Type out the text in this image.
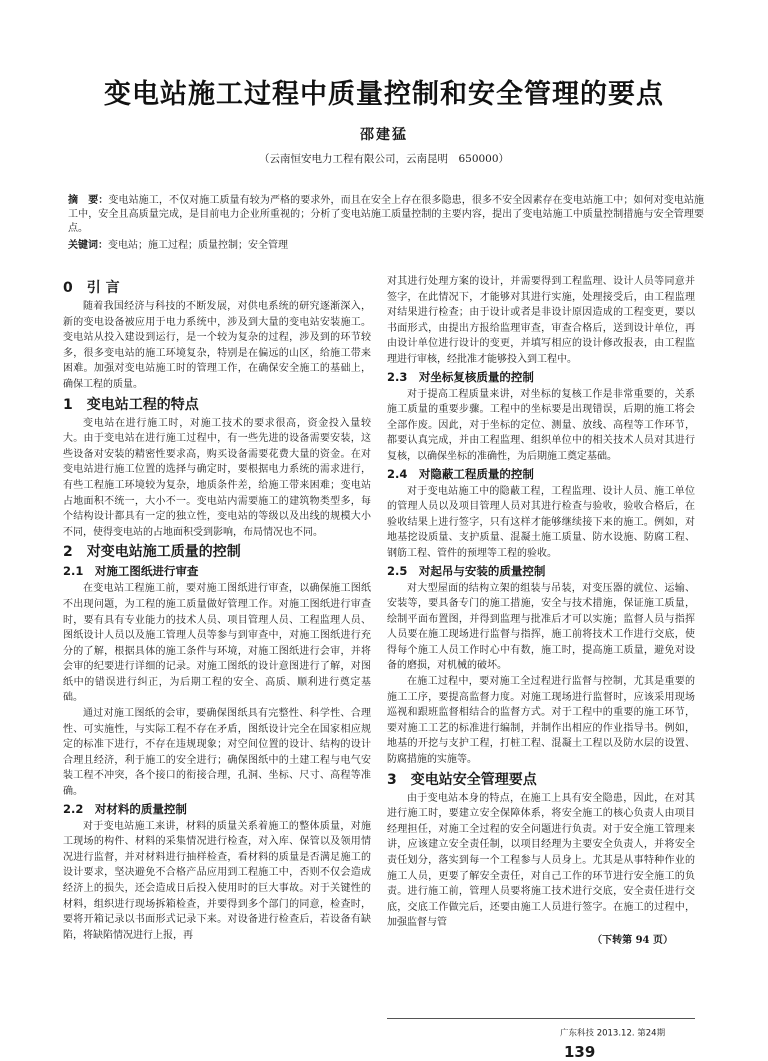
变电站施工过程中质量控制和安全管理的要点
邵建猛
（云南恒安电力工程有限公司，云南昆明　650000）
摘　要：变电站施工，不仅对施工质量有较为严格的要求外，而且在安全上存在很多隐患，很多不安全因素存在变电站施工中；如何对变电站施工中，安全且高质量完成，是目前电力企业所重视的；分析了变电站施工质量控制的主要内容，提出了变电站施工中质量控制措施与安全管理要点。
关键词：变电站；施工过程；质量控制；安全管理
0　引 言

随着我国经济与科技的不断发展，对供电系统的研究逐渐深入，新的变电设备被应用于电力系统中，涉及到大量的变电站安装施工。变电站从投入建设到运行，是一个较为复杂的过程，涉及到的环节较多，很多变电站的施工环境复杂，特别是在偏远的山区，给施工带来困难。加强对变电站施工时的管理工作，在确保安全施工的基础上，确保工程的质量。

1　变电站工程的特点

变电站在进行施工时，对施工技术的要求很高，资金投入量较大。由于变电站在进行施工过程中，有一些先进的设备需要安装，这些设备对安装的精密性要求高，购买设备需要花费大量的资金。在对变电站进行施工位置的选择与确定时，要根据电力系统的需求进行，有些工程施工环境较为复杂，地质条件差，给施工带来困难；变电站占地面积不统一，大小不一。变电站内需要施工的建筑物类型多，每个结构设计都具有一定的独立性，变电站的等级以及出线的规模大小不同，使得变电站的占地面积受到影响，布局情况也不同。

2　对变电站施工质量的控制
2.1　对施工图纸进行审查

在变电站工程施工前，要对施工图纸进行审查，以确保施工图纸不出现问题，为工程的施工质量做好管理工作。对施工图纸进行审查时，要有具有专业能力的技术人员、项目管理人员、工程监理人员、图纸设计人员以及施工管理人员等参与到审查中，对施工图纸进行充分的了解，根据具体的施工条件与环境，对施工图纸进行会审，并将会审的纪要进行详细的记录。对施工图纸的设计意图进行了解，对图纸中的错误进行纠正，为后期工程的安全、高质、顺利进行奠定基础。

通过对施工图纸的会审，要确保图纸具有完整性、科学性、合理性、可实施性，与实际工程不存在矛盾，图纸设计完全在国家相应规定的标准下进行，不存在违规现象；对空间位置的设计、结构的设计合理且经济，利于施工的安全进行；确保图纸中的土建工程与电气安装工程不冲突，各个接口的衔接合理，孔洞、坐标、尺寸、高程等准确。

2.2　对材料的质量控制

对于变电站施工来讲，材料的质量关系着施工的整体质量，对施工现场的构件、材料的采集情况进行检查，对入库、保管以及领用情况进行监督，并对材料进行抽样检查，看材料的质量是否满足施工的设计要求，坚决避免不合格产品应用到工程施工中，否则不仅会造成经济上的损失，还会造成日后投入使用时的巨大事故。对于关键性的材料，组织进行现场拆箱检查，并要得到多个部门的同意，检查时，要将开箱记录以书面形式记录下来。对设备进行检查后，若设备有缺陷，将缺陷情况进行上报，再

对其进行处理方案的设计，并需要得到工程监理、设计人员等同意并签字，在此情况下，才能够对其进行实施，处理接受后，由工程监理对结果进行检查；由于设计或者是非设计原因造成的工程变更，要以书面形式，由提出方报给监理审查，审查合格后，送到设计单位，再由设计单位进行设计的变更，并填写相应的设计修改报表，由工程监理进行审核，经批准才能够投入到工程中。

2.3　对坐标复核质量的控制

对于提高工程质量来讲，对坐标的复核工作是非常重要的，关系施工质量的重要步骤。工程中的坐标要是出现错误，后期的施工将会全部作废。因此，对于坐标的定位、测量、放线、高程等工作环节，都要认真完成，并由工程监理、组织单位中的相关技术人员对其进行复核，以确保坐标的准确性，为后期施工奠定基础。

2.4　对隐蔽工程质量的控制

对于变电站施工中的隐蔽工程，工程监理、设计人员、施工单位的管理人员以及项目管理人员对其进行检查与验收，验收合格后，在验收结果上进行签字，只有这样才能够继续接下来的施工。例如，对地基挖设质量、支护质量、混凝土施工质量、防水设施、防腐工程、钢筋工程、管件的预埋等工程的验收。

2.5　对起吊与安装的质量控制

对大型屋面的结构立架的组装与吊装，对变压器的就位、运输、安装等，要具备专门的施工措施，安全与技术措施，保证施工质量，绘制平面布置图，并得到监理与批准后才可以实施；监督人员与指挥人员要在施工现场进行监督与指挥，施工前将技术工作进行交底，使得每个施工人员工作时心中有数，施工时，提高施工质量，避免对设备的磨损，对机械的破坏。

在施工过程中，要对施工全过程进行监督与控制，尤其是重要的施工工序，要提高监督力度。对施工现场进行监督时，应该采用现场巡视和跟班监督相结合的监督方式。对于工程中的重要的施工环节，要对施工工艺的标准进行编制，并制作出相应的作业指导书。例如，地基的开挖与支护工程，打桩工程、混凝土工程以及防水层的设置、防腐措施的实施等。

3　变电站安全管理要点

由于变电站本身的特点，在施工上具有安全隐患，因此，在对其进行施工时，要建立安全保障体系，将安全施工的核心负责人由项目经理担任，对施工全过程的安全问题进行负责。对于安全施工管理来讲，应该建立安全责任制，以项目经理为主要安全负责人，并将安全责任划分，落实到每一个工程参与人员身上。尤其是从事特种作业的施工人员，更要了解安全责任，对自己工作的环节进行安全施工的负责。进行施工前，管理人员要将施工技术进行交底，安全责任进行交底，交底工作做完后，还要由施工人员进行签字。在施工的过程中，加强监督与管

（下转第 94 页）
广东科技 2013.12. 第24期139
